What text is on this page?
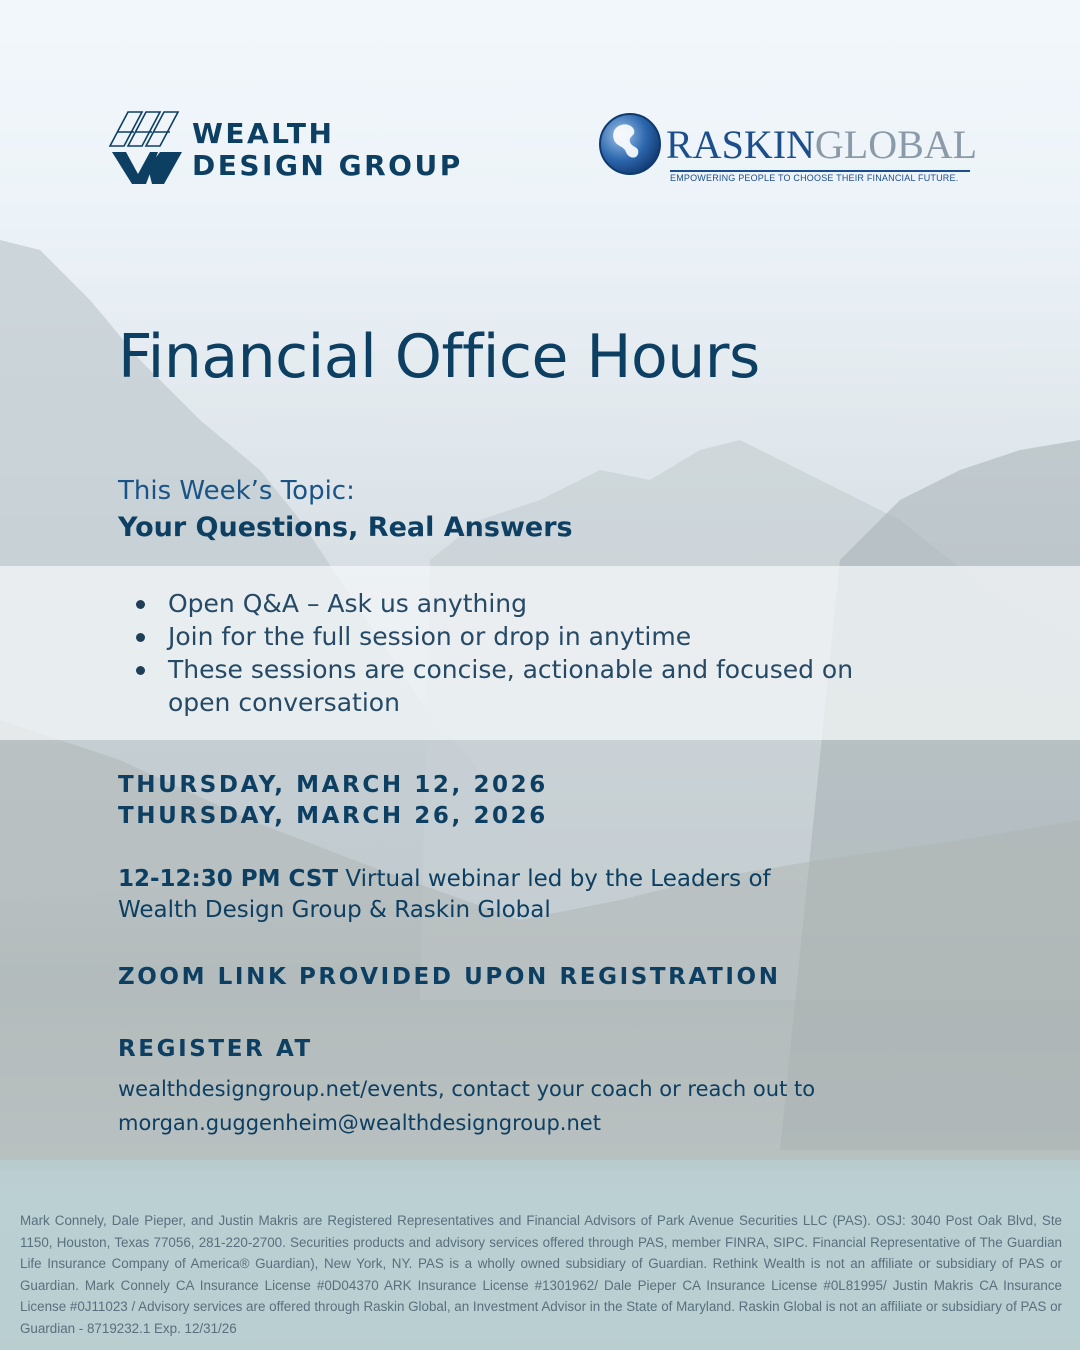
WEALTH
DESIGN GROUP	RASKINGLOBAL
EMPOWERING PEOPLE TO CHOOSE THEIR FINANCIAL FUTURE.
Financial Office Hours
This Week’s Topic:
Your Questions, Real Answers
Open Q&A – Ask us anything
Join for the full session or drop in anytime
These sessions are concise, actionable and focused on open conversation
THURSDAY, MARCH 12, 2026
THURSDAY, MARCH 26, 2026
12-12:30 PM CST Virtual webinar led by the Leaders of Wealth Design Group & Raskin Global
ZOOM LINK PROVIDED UPON REGISTRATION
REGISTER AT
wealthdesigngroup.net/events, contact your coach or reach out to morgan.guggenheim@wealthdesigngroup.net
Mark Connely, Dale Pieper, and Justin Makris are Registered Representatives and Financial Advisors of Park Avenue Securities LLC (PAS). OSJ: 3040 Post Oak Blvd, Ste 1150, Houston, Texas 77056, 281-220-2700. Securities products and advisory services offered through PAS, member FINRA, SIPC. Financial Representative of The Guardian Life Insurance Company of America® Guardian), New York, NY. PAS is a wholly owned subsidiary of Guardian. Rethink Wealth is not an affiliate or subsidiary of PAS or Guardian. Mark Connely CA Insurance License #0D04370 ARK Insurance License #1301962/ Dale Pieper CA Insurance License #0L81995/ Justin Makris CA Insurance License #0J11023 / Advisory services are offered through Raskin Global, an Investment Advisor in the State of Maryland. Raskin Global is not an affiliate or subsidiary of PAS or Guardian - 8719232.1 Exp. 12/31/26
